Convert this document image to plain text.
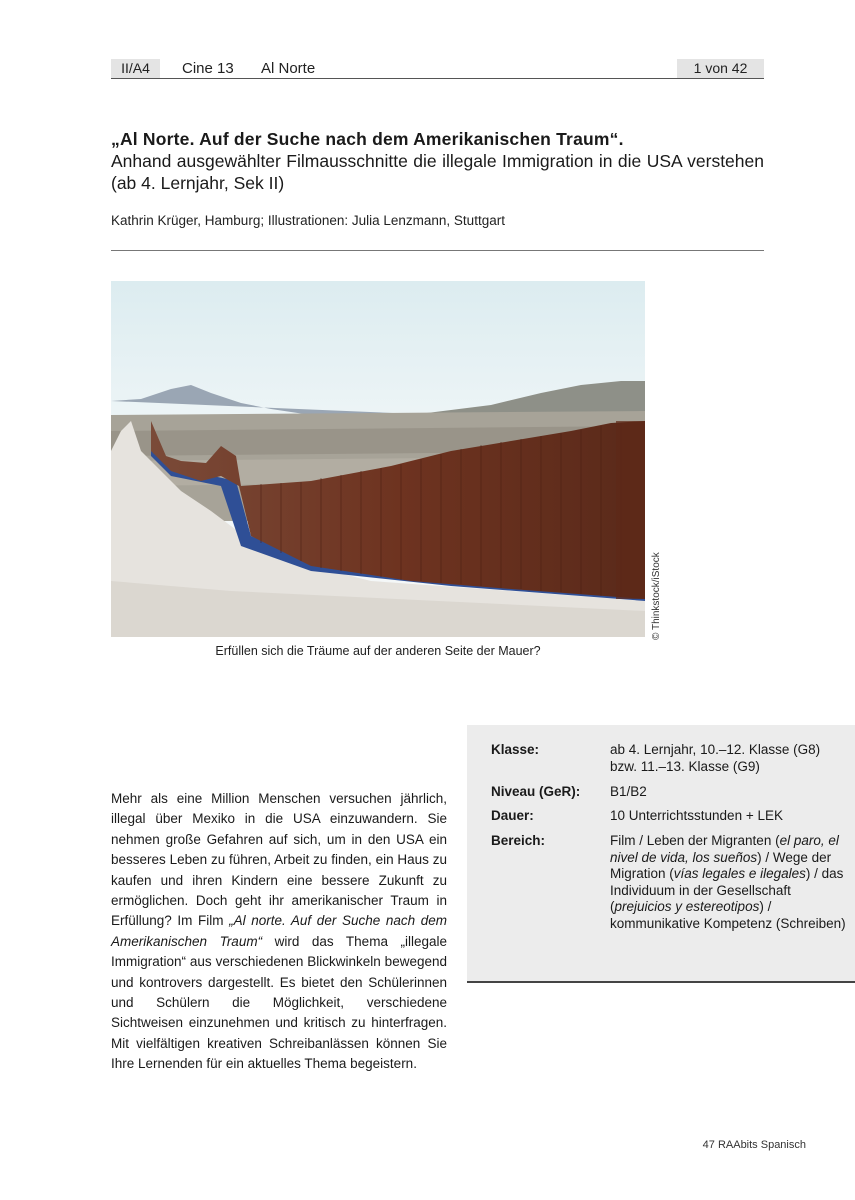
II/A4	Cine 13 Al Norte	1 von 42
„Al Norte. Auf der Suche nach dem Amerikanischen Traum“.
Anhand ausgewählter Filmausschnitte die illegale Immigration in die USA verstehen (ab 4. Lernjahr, Sek II)
Kathrin Krüger, Hamburg; Illustrationen: Julia Lenzmann, Stuttgart
© Thinkstock/iStock
Erfüllen sich die Träume auf der anderen Seite der Mauer?
Mehr als eine Million Menschen versuchen jährlich, illegal über Mexiko in die USA einzuwandern. Sie nehmen große Gefahren auf sich, um in den USA ein besseres Leben zu führen, Arbeit zu finden, ein Haus zu kaufen und ihren Kindern eine bessere Zukunft zu ermöglichen. Doch geht ihr amerikanischer Traum in Erfüllung? Im Film „Al norte. Auf der Suche nach dem Amerikanischen Traum“ wird das Thema „illegale Immigration“ aus verschiedenen Blickwinkeln bewegend und kontrovers dargestellt. Es bietet den Schülerinnen und Schülern die Möglichkeit, verschiedene Sichtweisen einzunehmen und kritisch zu hinterfragen. Mit vielfältigen kreativen Schreibanlässen können Sie Ihre Lernenden für ein aktuelles Thema begeistern.
Klasse:	ab 4. Lernjahr, 10.–12. Klasse (G8) bzw. 11.–13. Klasse (G9)
Niveau (GeR):	B1/B2
Dauer:	10 Unterrichtsstunden + LEK
Bereich:	Film / Leben der Migranten (el paro, el nivel de vida, los sueños) / Wege der Migration (vías legales e ilegales) / das Individuum in der Gesellschaft (prejuicios y estereotipos) / kommunikative Kompetenz (Schreiben)
47 RAAbits Spanisch
